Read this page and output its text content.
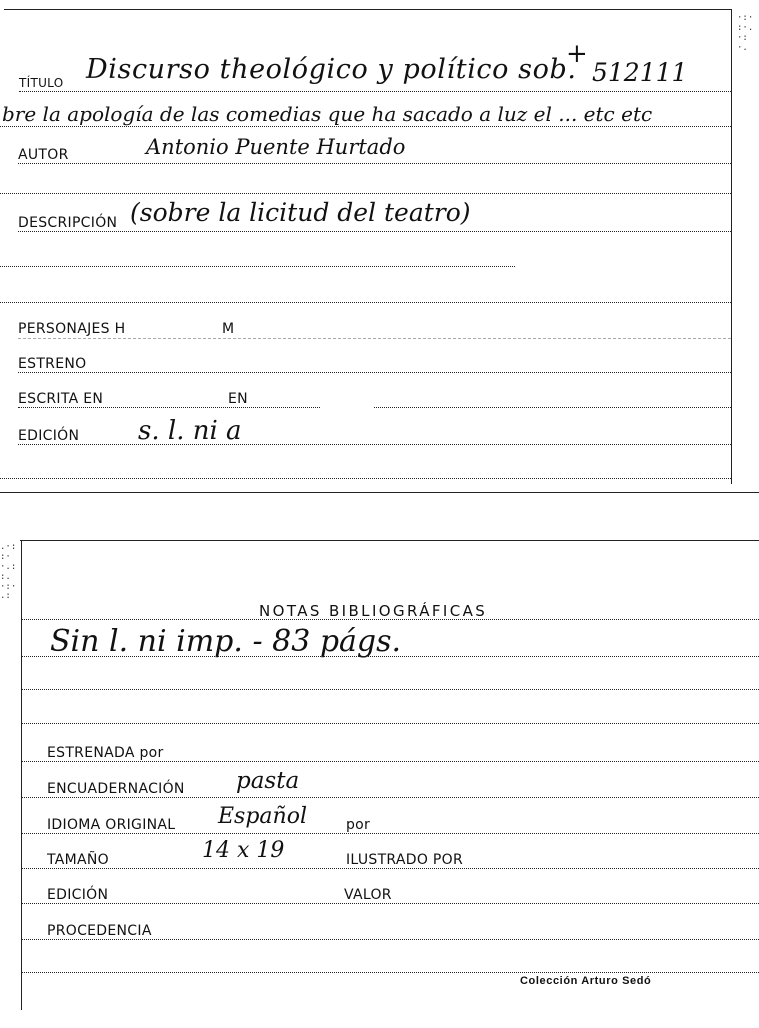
·:·
:·.
·:
·.
TÍTULO Discurso theológico y político sob.
+
512111
bre la apología de las comedias que ha sacado a luz el ... etc etc
AUTOR	Antonio Puente Hurtado
DESCRIPCIÓN (sobre la licitud del teatro)
PERSONAJES H	M
ESTRENO
ESCRITA EN	EN
EDICIÓN s. l. ni a
.·:
:·
·.:
:.
·:·
.:
NOTAS BIBLIOGRÁFICAS
Sin l. ni imp. - 83 págs.
ESTRENADA por
ENCUADERNACIÓN pasta
IDIOMA ORIGINAL Español	por
TAMAÑO	14 x 19	ILUSTRADO POR
EDICIÓN	VALOR
PROCEDENCIA
Colección Arturo Sedó
